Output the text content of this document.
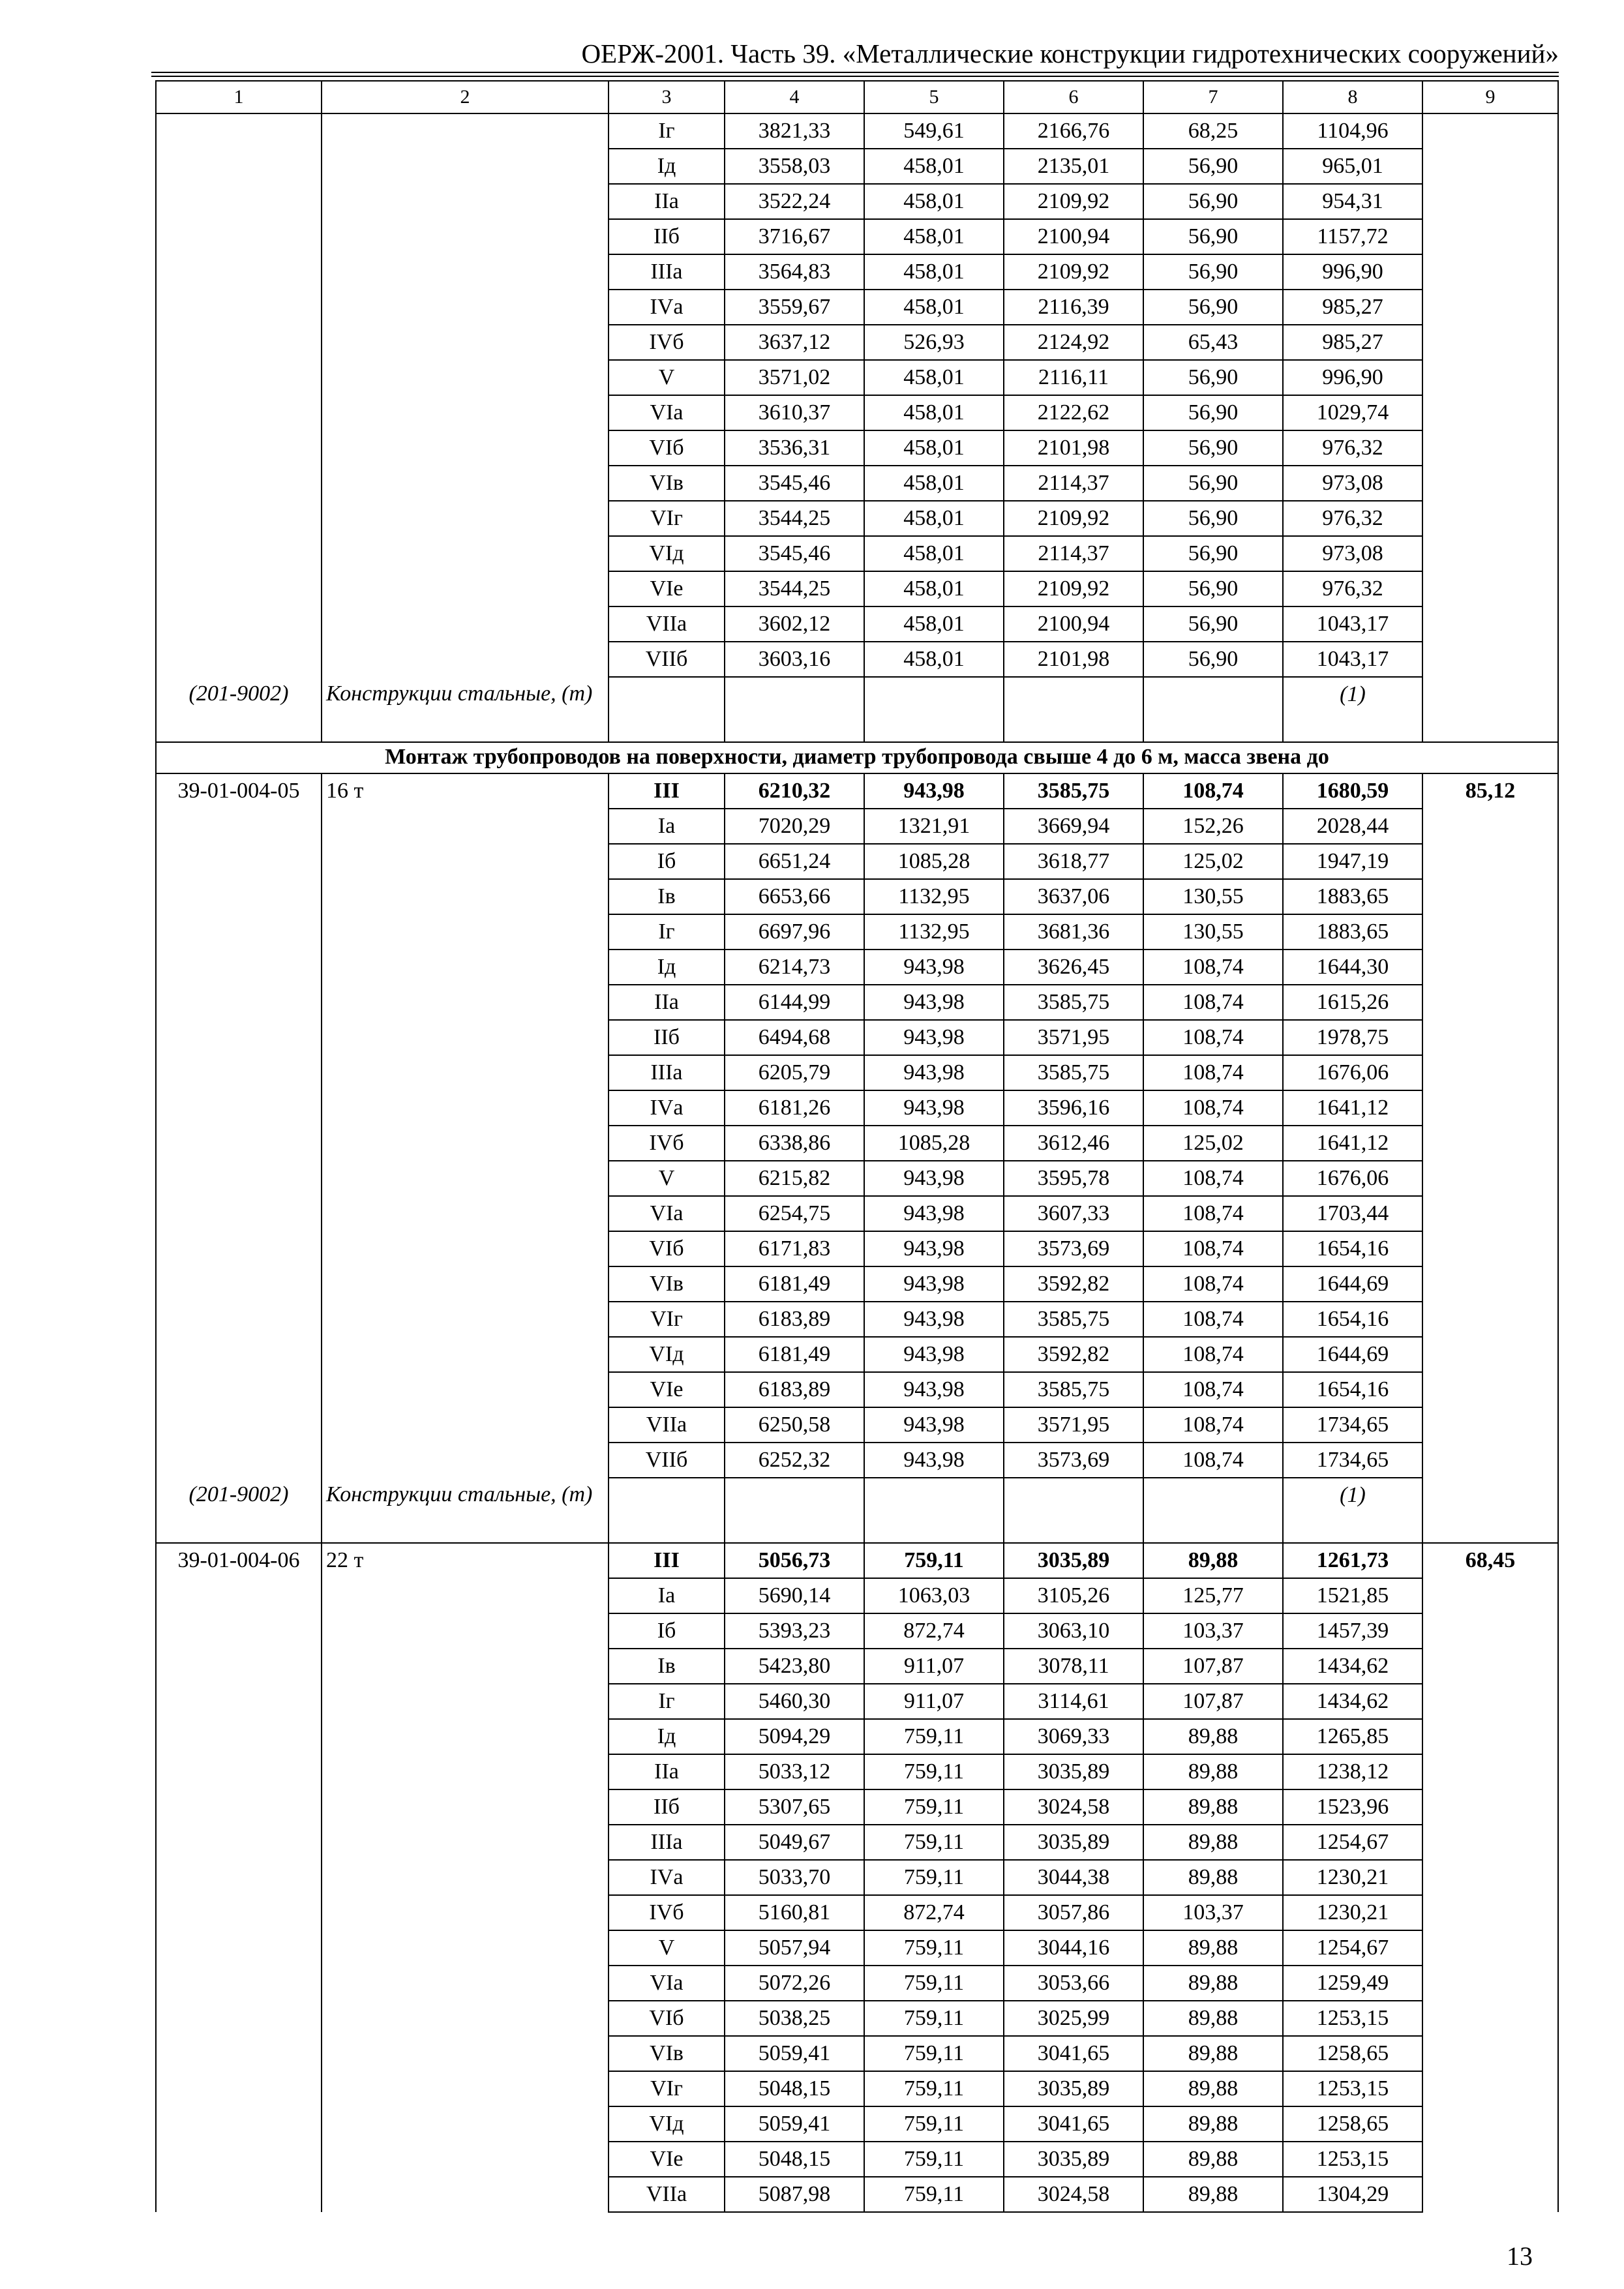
ОЕРЖ-2001. Часть 39. «Металлические конструкции гидротехнических сооружений»
1	2	3	4	5	6	7	8	9
		Iг	3821,33	549,61	2166,76	68,25	1104,96	
		Iд	3558,03	458,01	2135,01	56,90	965,01	
		IIа	3522,24	458,01	2109,92	56,90	954,31	
		IIб	3716,67	458,01	2100,94	56,90	1157,72	
		IIIа	3564,83	458,01	2109,92	56,90	996,90	
		IVа	3559,67	458,01	2116,39	56,90	985,27	
		IVб	3637,12	526,93	2124,92	65,43	985,27	
		V	3571,02	458,01	2116,11	56,90	996,90	
		VIа	3610,37	458,01	2122,62	56,90	1029,74	
		VIб	3536,31	458,01	2101,98	56,90	976,32	
		VIв	3545,46	458,01	2114,37	56,90	973,08	
		VIг	3544,25	458,01	2109,92	56,90	976,32	
		VIд	3545,46	458,01	2114,37	56,90	973,08	
		VIе	3544,25	458,01	2109,92	56,90	976,32	
		VIIа	3602,12	458,01	2100,94	56,90	1043,17	
		VIIб	3603,16	458,01	2101,98	56,90	1043,17	
(201-9002)	Конструкции стальные, (т)						(1)	
Монтаж трубопроводов на поверхности, диаметр трубопровода свыше 4 до 6 м, масса звена до								
39-01-004-05	16 т	III	6210,32	943,98	3585,75	108,74	1680,59	85,12
		Iа	7020,29	1321,91	3669,94	152,26	2028,44	
		Iб	6651,24	1085,28	3618,77	125,02	1947,19	
		Iв	6653,66	1132,95	3637,06	130,55	1883,65	
		Iг	6697,96	1132,95	3681,36	130,55	1883,65	
		Iд	6214,73	943,98	3626,45	108,74	1644,30	
		IIа	6144,99	943,98	3585,75	108,74	1615,26	
		IIб	6494,68	943,98	3571,95	108,74	1978,75	
		IIIа	6205,79	943,98	3585,75	108,74	1676,06	
		IVа	6181,26	943,98	3596,16	108,74	1641,12	
		IVб	6338,86	1085,28	3612,46	125,02	1641,12	
		V	6215,82	943,98	3595,78	108,74	1676,06	
		VIа	6254,75	943,98	3607,33	108,74	1703,44	
		VIб	6171,83	943,98	3573,69	108,74	1654,16	
		VIв	6181,49	943,98	3592,82	108,74	1644,69	
		VIг	6183,89	943,98	3585,75	108,74	1654,16	
		VIд	6181,49	943,98	3592,82	108,74	1644,69	
		VIе	6183,89	943,98	3585,75	108,74	1654,16	
		VIIа	6250,58	943,98	3571,95	108,74	1734,65	
		VIIб	6252,32	943,98	3573,69	108,74	1734,65	
(201-9002)	Конструкции стальные, (т)						(1)	
39-01-004-06	22 т	III	5056,73	759,11	3035,89	89,88	1261,73	68,45
		Iа	5690,14	1063,03	3105,26	125,77	1521,85	
		Iб	5393,23	872,74	3063,10	103,37	1457,39	
		Iв	5423,80	911,07	3078,11	107,87	1434,62	
		Iг	5460,30	911,07	3114,61	107,87	1434,62	
		Iд	5094,29	759,11	3069,33	89,88	1265,85	
		IIа	5033,12	759,11	3035,89	89,88	1238,12	
		IIб	5307,65	759,11	3024,58	89,88	1523,96	
		IIIа	5049,67	759,11	3035,89	89,88	1254,67	
		IVа	5033,70	759,11	3044,38	89,88	1230,21	
		IVб	5160,81	872,74	3057,86	103,37	1230,21	
		V	5057,94	759,11	3044,16	89,88	1254,67	
		VIа	5072,26	759,11	3053,66	89,88	1259,49	
		VIб	5038,25	759,11	3025,99	89,88	1253,15	
		VIв	5059,41	759,11	3041,65	89,88	1258,65	
		VIг	5048,15	759,11	3035,89	89,88	1253,15	
		VIд	5059,41	759,11	3041,65	89,88	1258,65	
		VIе	5048,15	759,11	3035,89	89,88	1253,15	
		VIIа	5087,98	759,11	3024,58	89,88	1304,29	
13
